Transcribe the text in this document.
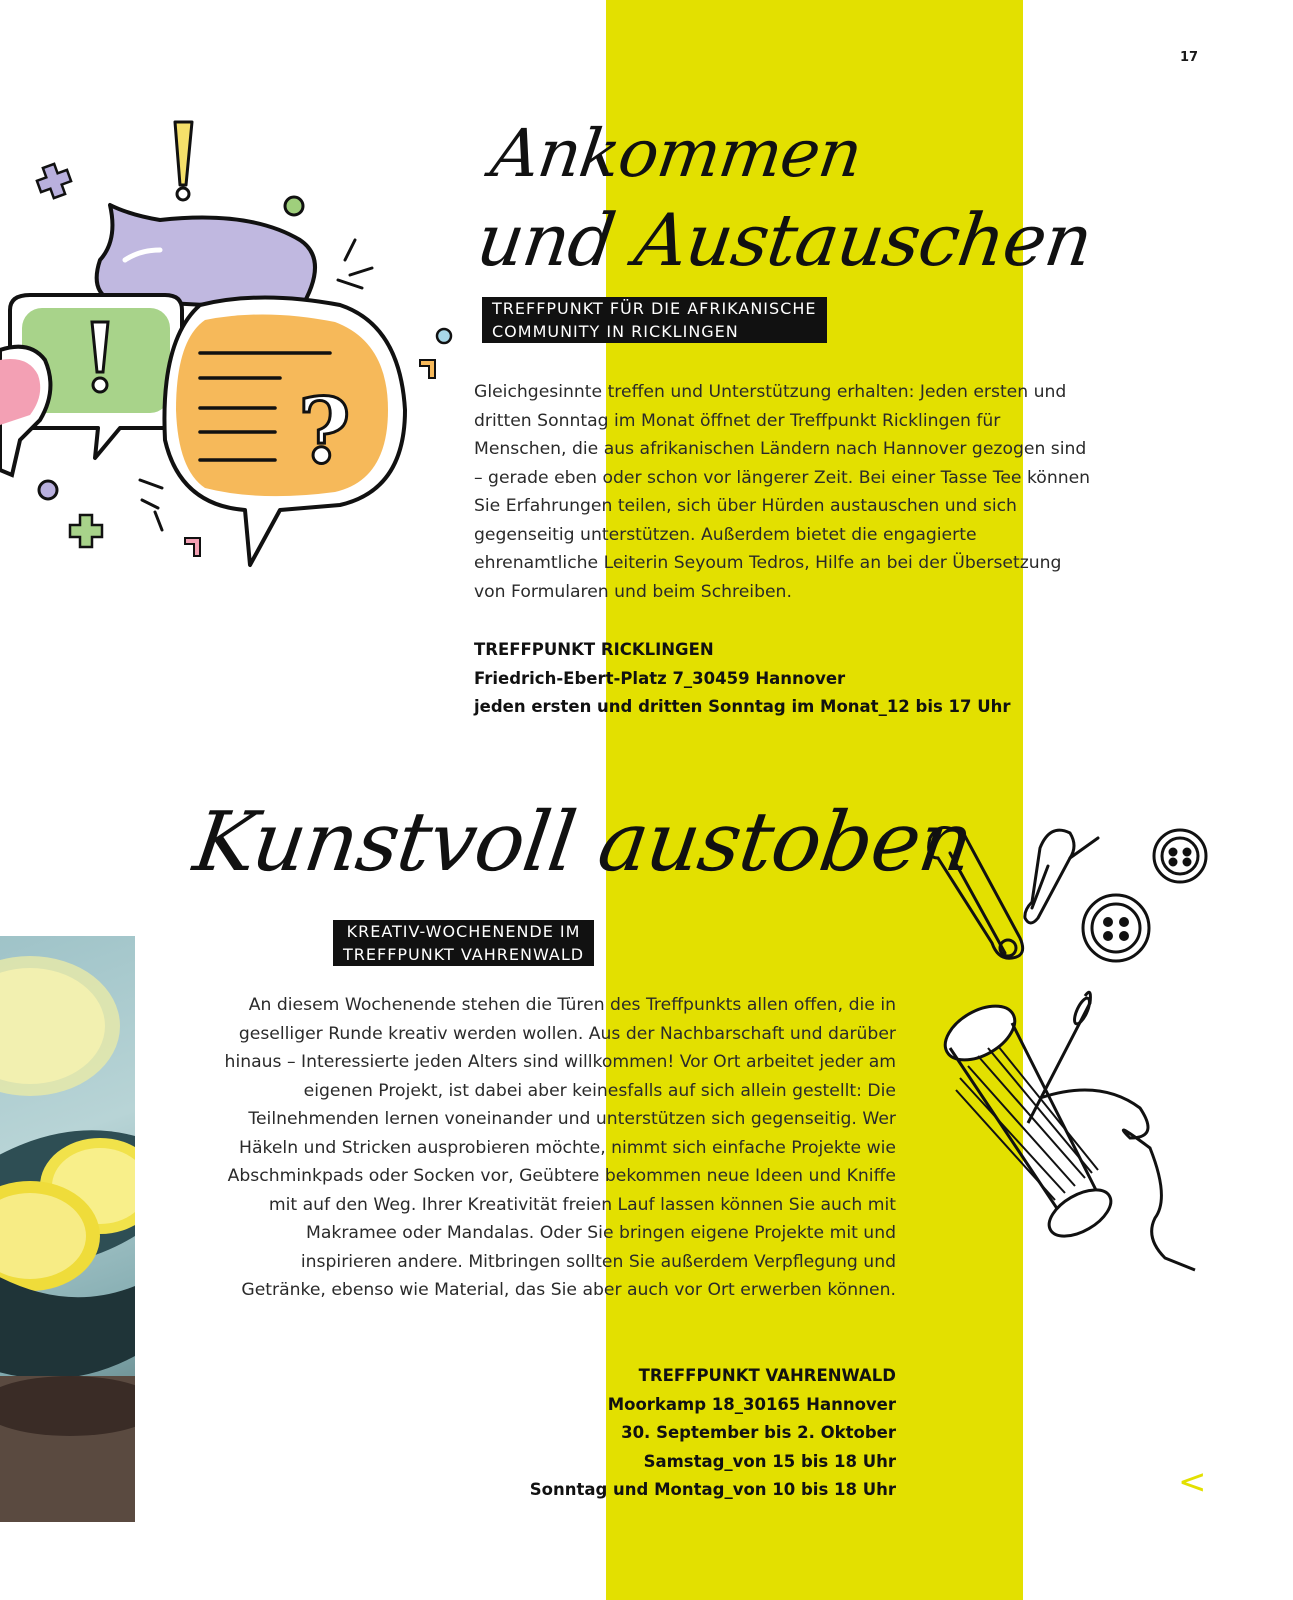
17
?
Ankommen
und Austauschen
TREFFPUNKT FÜR DIE AFRIKANISCHE
COMMUNITY IN RICKLINGEN
Gleichgesinnte treffen und Unterstützung erhalten: Jeden ersten und dritten Sonntag im Monat öffnet der Treffpunkt Ricklingen für Menschen, die aus afrikanischen Ländern nach Hannover gezogen sind – gerade eben oder schon vor längerer Zeit. Bei einer Tasse Tee können Sie Erfahrungen teilen, sich über Hürden austauschen und sich gegenseitig unterstützen. Außerdem bietet die engagierte ehrenamtliche Leiterin Seyoum Tedros, Hilfe an bei der Übersetzung von Formularen und beim Schreiben.
TREFFPUNKT RICKLINGEN
Friedrich-Ebert-Platz 7_30459 Hannover
jeden ersten und dritten Sonntag im Monat_12 bis 17 Uhr
Kunstvoll austoben
KREATIV-WOCHENENDE IM
TREFFPUNKT VAHRENWALD
An diesem Wochenende stehen die Türen des Treffpunkts allen offen, die in geselliger Runde kreativ werden wollen. Aus der Nachbarschaft und darüber hinaus – Interessierte jeden Alters sind willkommen! Vor Ort arbeitet jeder am eigenen Projekt, ist dabei aber keinesfalls auf sich allein gestellt: Die Teilnehmenden lernen voneinander und unterstützen sich gegenseitig. Wer Häkeln und Stricken ausprobieren möchte, nimmt sich einfache Projekte wie Abschminkpads oder Socken vor, Geübtere bekommen neue Ideen und Kniffe mit auf den Weg. Ihrer Kreativität freien Lauf lassen können Sie auch mit Makramee oder Mandalas. Oder Sie bringen eigene Projekte mit und inspirieren andere. Mitbringen sollten Sie außerdem Verpflegung und Getränke, ebenso wie Material, das Sie aber auch vor Ort erwerben können.
TREFFPUNKT VAHRENWALD
Moorkamp 18_30165 Hannover
30. September bis 2. Oktober
Samstag_von 15 bis 18 Uhr
Sonntag und Montag_von 10 bis 18 Uhr	<
